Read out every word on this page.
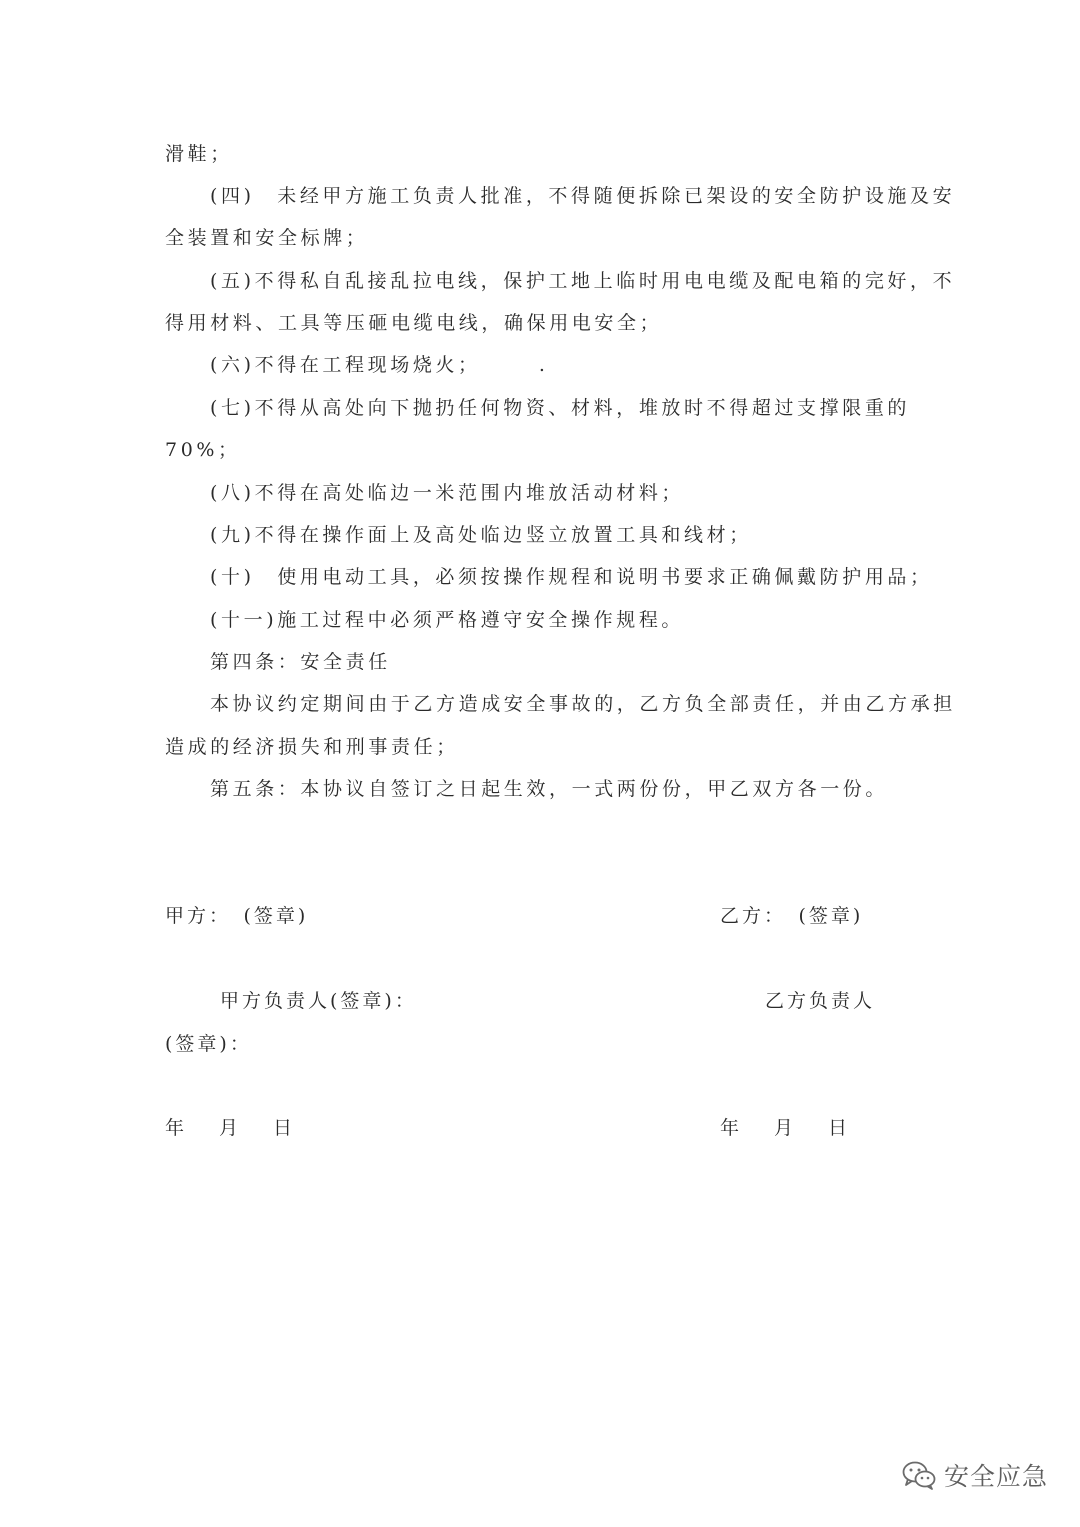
滑鞋；
(四)　未经甲方施工负责人批准，不得随便拆除已架设的安全防护设施及安
全装置和安全标牌；
(五)不得私自乱接乱拉电线，保护工地上临时用电电缆及配电箱的完好，不
得用材料、工具等压砸电缆电线，确保用电安全；
(六)不得在工程现场烧火；　　　.
(七)不得从高处向下抛扔任何物资、材料，堆放时不得超过支撑限重的
70%；
(八)不得在高处临边一米范围内堆放活动材料；
(九)不得在操作面上及高处临边竖立放置工具和线材；
(十)　使用电动工具，必须按操作规程和说明书要求正确佩戴防护用品；
(十一)施工过程中必须严格遵守安全操作规程。
第四条：安全责任
本协议约定期间由于乙方造成安全事故的，乙方负全部责任，并由乙方承担
造成的经济损失和刑事责任；
第五条：本协议自签订之日起生效，一式两份份，甲乙双方各一份。
甲方：　(签章)	乙方：　(签章)
甲方负责人(签章)：	乙方负责人
(签章)：
年　月　日	年　月　日
安全应急
